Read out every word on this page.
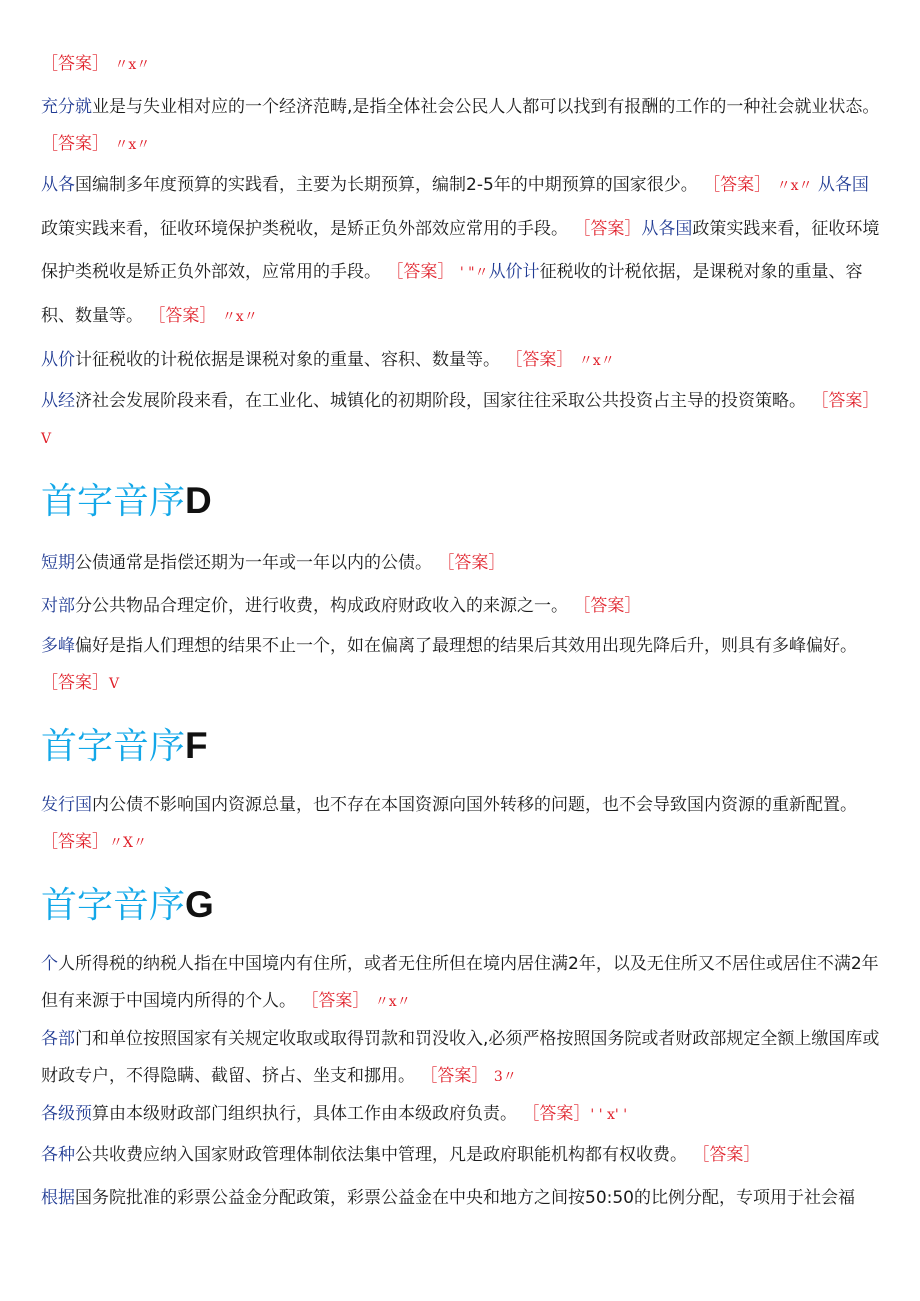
［答案］ 〃x〃

充分就业是与失业相对应的一个经济范畴,是指全体社会公民人人都可以找到有报酬的工作的一种社会就业状态。
［答案］ 〃x〃

从各国编制多年度预算的实践看，主要为长期预算，编制2-5年的中期预算的国家很少。 ［答案］ 〃x〃 从各国政策实践来看，征收环境保护类税收，是矫正负外部效应常用的手段。 ［答案］从各国政策实践来看，征收环境保护类税收是矫正负外部效，应常用的手段。 ［答案］ ' "〃从价计征税收的计税依据，是课税对象的重量、容积、数量等。 ［答案］ 〃x〃

从价计征税收的计税依据是课税对象的重量、容积、数量等。 ［答案］ 〃x〃

从经济社会发展阶段来看，在工业化、城镇化的初期阶段，国家往往采取公共投资占主导的投资策略。 ［答案］
V

首字音序D

短期公债通常是指偿还期为一年或一年以内的公债。 ［答案］

对部分公共物品合理定价，进行收费，构成政府财政收入的来源之一。 ［答案］

多峰偏好是指人们理想的结果不止一个，如在偏离了最理想的结果后其效用出现先降后升，则具有多峰偏好。 ［答案］V

首字音序F

发行国内公债不影响国内资源总量，也不存在本国资源向国外转移的问题，也不会导致国内资源的重新配置。 ［答案］〃X〃

首字音序G

个人所得税的纳税人指在中国境内有住所，或者无住所但在境内居住满2年，以及无住所又不居住或居住不满2年但有来源于中国境内所得的个人。 ［答案］ 〃x〃

各部门和单位按照国家有关规定收取或取得罚款和罚没收入,必须严格按照国务院或者财政部规定全额上缴国库或财政专户，不得隐瞒、截留、挤占、坐支和挪用。 ［答案］ 3〃

各级预算由本级财政部门组织执行，具体工作由本级政府负责。 ［答案］' ' x' '

各种公共收费应纳入国家财政管理体制依法集中管理，凡是政府职能机构都有权收费。 ［答案］

根据国务院批准的彩票公益金分配政策，彩票公益金在中央和地方之间按50:50的比例分配，专项用于社会福
